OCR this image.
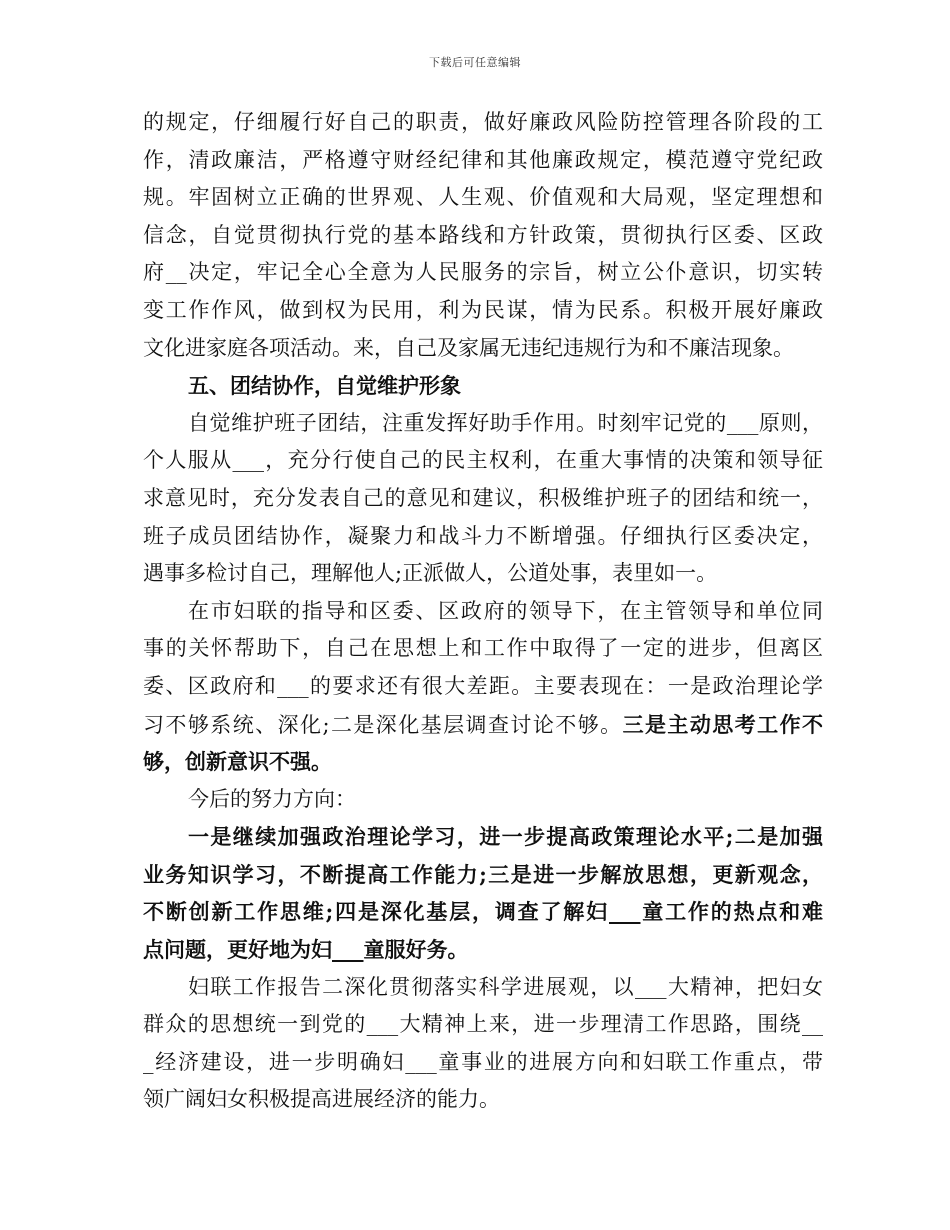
下载后可任意编辑
的规定，仔细履行好自己的职责，做好廉政风险防控管理各阶段的工
作，清政廉洁，严格遵守财经纪律和其他廉政规定，模范遵守党纪政
规。牢固树立正确的世界观、人生观、价值观和大局观，坚定理想和
信念，自觉贯彻执行党的基本路线和方针政策，贯彻执行区委、区政
府__决定，牢记全心全意为人民服务的宗旨，树立公仆意识，切实转
变工作作风，做到权为民用，利为民谋，情为民系。积极开展好廉政
文化进家庭各项活动。来，自己及家属无违纪违规行为和不廉洁现象。
五、团结协作，自觉维护形象
自觉维护班子团结，注重发挥好助手作用。时刻牢记党的___原则，
个人服从___，充分行使自己的民主权利，在重大事情的决策和领导征
求意见时，充分发表自己的意见和建议，积极维护班子的团结和统一，
班子成员团结协作，凝聚力和战斗力不断增强。仔细执行区委决定，
遇事多检讨自己，理解他人;正派做人，公道处事，表里如一。
在市妇联的指导和区委、区政府的领导下，在主管领导和单位同
事的关怀帮助下，自己在思想上和工作中取得了一定的进步，但离区
委、区政府和___的要求还有很大差距。主要表现在：一是政治理论学
习不够系统、深化;二是深化基层调查讨论不够。三是主动思考工作不
够，创新意识不强。
今后的努力方向：
一是继续加强政治理论学习，进一步提高政策理论水平;二是加强
业务知识学习，不断提高工作能力;三是进一步解放思想，更新观念，
不断创新工作思维;四是深化基层，调查了解妇___童工作的热点和难
点问题，更好地为妇___童服好务。
妇联工作报告二深化贯彻落实科学进展观，以___大精神，把妇女
群众的思想统一到党的___大精神上来，进一步理清工作思路，围绕__
_经济建设，进一步明确妇___童事业的进展方向和妇联工作重点，带
领广阔妇女积极提高进展经济的能力。
